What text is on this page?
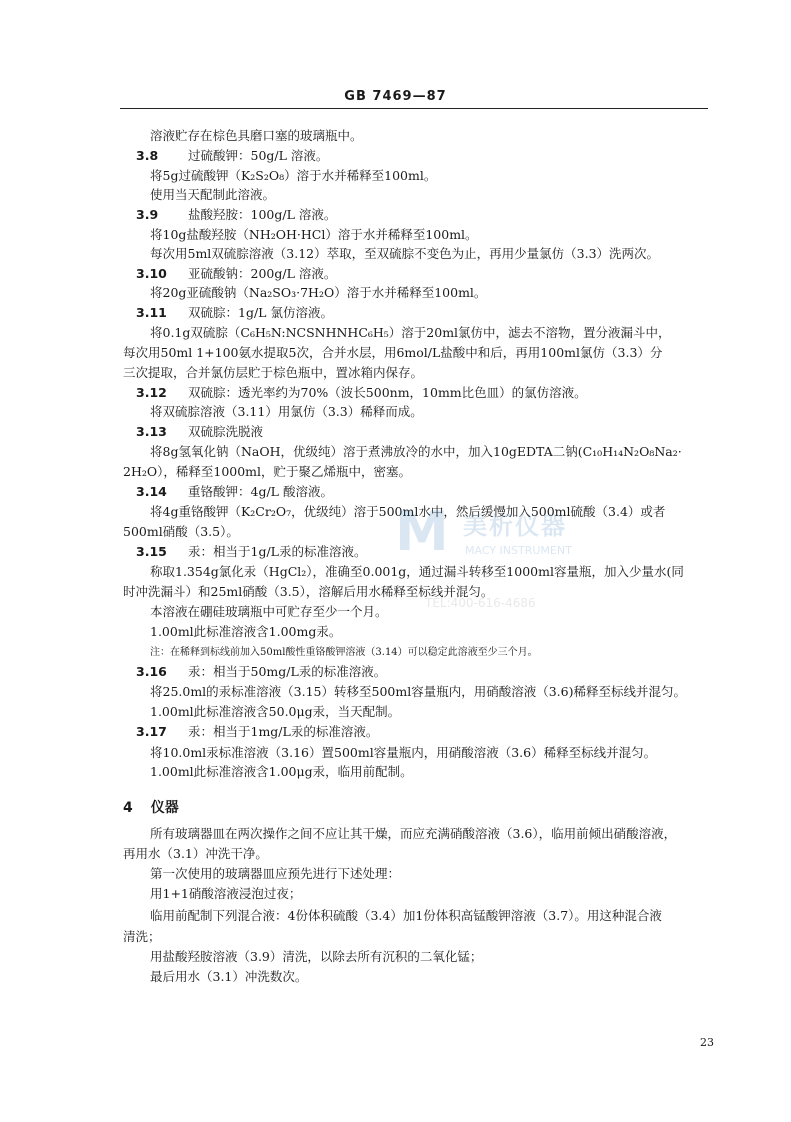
GB 7469—87
溶液贮存在棕色具磨口塞的玻璃瓶中。
3.8 过硫酸钾：50g/L 溶液。
将5g过硫酸钾（K₂S₂O₈）溶于水并稀释至100ml。
使用当天配制此溶液。
3.9 盐酸羟胺：100g/L 溶液。
将10g盐酸羟胺（NH₂OH·HCl）溶于水并稀释至100ml。
每次用5ml双硫腙溶液（3.12）萃取，至双硫腙不变色为止，再用少量氯仿（3.3）洗两次。
3.10 亚硫酸钠：200g/L 溶液。
将20g亚硫酸钠（Na₂SO₃·7H₂O）溶于水并稀释至100ml。
3.11 双硫腙：1g/L 氯仿溶液。
将0.1g双硫腙（C₆H₅N:NCSNHNHC₆H₅）溶于20ml氯仿中，滤去不溶物，置分液漏斗中，
每次用50ml 1+100氨水提取5次，合并水层，用6mol/L盐酸中和后，再用100ml氯仿（3.3）分
三次提取，合并氯仿层贮于棕色瓶中，置冰箱内保存。
3.12 双硫腙：透光率约为70%（波长500nm，10mm比色皿）的氯仿溶液。
将双硫腙溶液（3.11）用氯仿（3.3）稀释而成。
3.13 双硫腙洗脱液
将8g氢氧化钠（NaOH，优级纯）溶于煮沸放冷的水中，加入10gEDTA二钠(C₁₀H₁₄N₂O₈Na₂·
2H₂O），稀释至1000ml，贮于聚乙烯瓶中，密塞。
3.14 重铬酸钾：4g/L 酸溶液。
将4g重铬酸钾（K₂Cr₂O₇，优级纯）溶于500ml水中，然后缓慢加入500ml硫酸（3.4）或者
500ml硝酸（3.5）。
3.15 汞：相当于1g/L汞的标准溶液。
称取1.354g氯化汞（HgCl₂），准确至0.001g，通过漏斗转移至1000ml容量瓶，加入少量水(同
时冲洗漏斗）和25ml硝酸（3.5），溶解后用水稀释至标线并混匀。
本溶液在硼硅玻璃瓶中可贮存至少一个月。
1.00ml此标准溶液含1.00mg汞。
注：在稀释到标线前加入50ml酸性重铬酸钾溶液（3.14）可以稳定此溶液至少三个月。
3.16 汞：相当于50mg/L汞的标准溶液。
将25.0ml的汞标准溶液（3.15）转移至500ml容量瓶内，用硝酸溶液（3.6)稀释至标线并混匀。
1.00ml此标准溶液含50.0μg汞，当天配制。
3.17 汞：相当于1mg/L汞的标准溶液。
将10.0ml汞标准溶液（3.16）置500ml容量瓶内，用硝酸溶液（3.6）稀释至标线并混匀。
1.00ml此标准溶液含1.00μg汞，临用前配制。
4 仪器
所有玻璃器皿在两次操作之间不应让其干燥，而应充满硝酸溶液（3.6），临用前倾出硝酸溶液，
再用水（3.1）冲洗干净。
第一次使用的玻璃器皿应预先进行下述处理：
用1+1硝酸溶液浸泡过夜；
临用前配制下列混合液：4份体积硫酸（3.4）加1份体积高锰酸钾溶液（3.7）。用这种混合液
清洗；
用盐酸羟胺溶液（3.9）清洗，以除去所有沉积的二氧化锰；
最后用水（3.1）冲洗数次。
M 美析仪器
MACY INSTRUMENT
TEL:400-616-4686
23
